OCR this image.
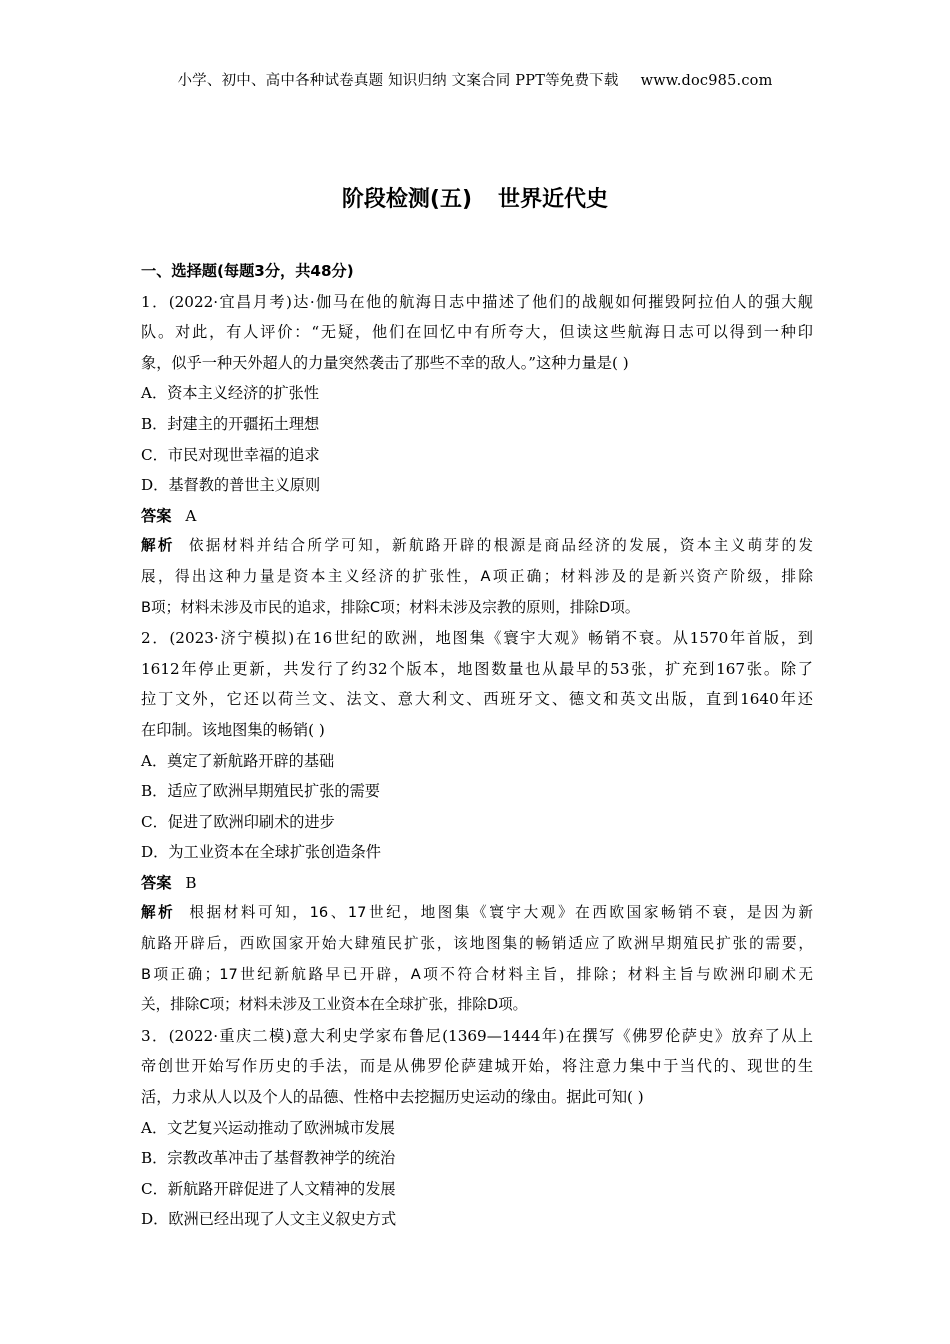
小学、初中、高中各种试卷真题 知识归纳 文案合同 PPT等免费下载 www.doc985.com
阶段检测(五) 世界近代史
一、选择题(每题3分，共48分)
1．(2022·宜昌月考)达·伽马在他的航海日志中描述了他们的战舰如何摧毁阿拉伯人的强大舰
队。对此，有人评价：“无疑，他们在回忆中有所夸大，但读这些航海日志可以得到一种印
象，似乎一种天外超人的力量突然袭击了那些不幸的敌人。”这种力量是( )
A．资本主义经济的扩张性
B．封建主的开疆拓土理想
C．市民对现世幸福的追求
D．基督教的普世主义原则
答案 A
解析 依据材料并结合所学可知，新航路开辟的根源是商品经济的发展，资本主义萌芽的发
展，得出这种力量是资本主义经济的扩张性，A项正确；材料涉及的是新兴资产阶级，排除
B项；材料未涉及市民的追求，排除C项；材料未涉及宗教的原则，排除D项。
2．(2023·济宁模拟)在16世纪的欧洲，地图集《寰宇大观》畅销不衰。从1570年首版，到
1612年停止更新，共发行了约32个版本，地图数量也从最早的53张，扩充到167张。除了
拉丁文外，它还以荷兰文、法文、意大利文、西班牙文、德文和英文出版，直到1640年还
在印制。该地图集的畅销( )
A．奠定了新航路开辟的基础
B．适应了欧洲早期殖民扩张的需要
C．促进了欧洲印刷术的进步
D．为工业资本在全球扩张创造条件
答案 B
解析 根据材料可知，16、17世纪，地图集《寰宇大观》在西欧国家畅销不衰，是因为新
航路开辟后，西欧国家开始大肆殖民扩张，该地图集的畅销适应了欧洲早期殖民扩张的需要，
B项正确；17世纪新航路早已开辟，A项不符合材料主旨，排除；材料主旨与欧洲印刷术无
关，排除C项；材料未涉及工业资本在全球扩张，排除D项。
3．(2022·重庆二模)意大利史学家布鲁尼(1369—1444年)在撰写《佛罗伦萨史》放弃了从上
帝创世开始写作历史的手法，而是从佛罗伦萨建城开始，将注意力集中于当代的、现世的生
活，力求从人以及个人的品德、性格中去挖掘历史运动的缘由。据此可知( )
A．文艺复兴运动推动了欧洲城市发展
B．宗教改革冲击了基督教神学的统治
C．新航路开辟促进了人文精神的发展
D．欧洲已经出现了人文主义叙史方式
